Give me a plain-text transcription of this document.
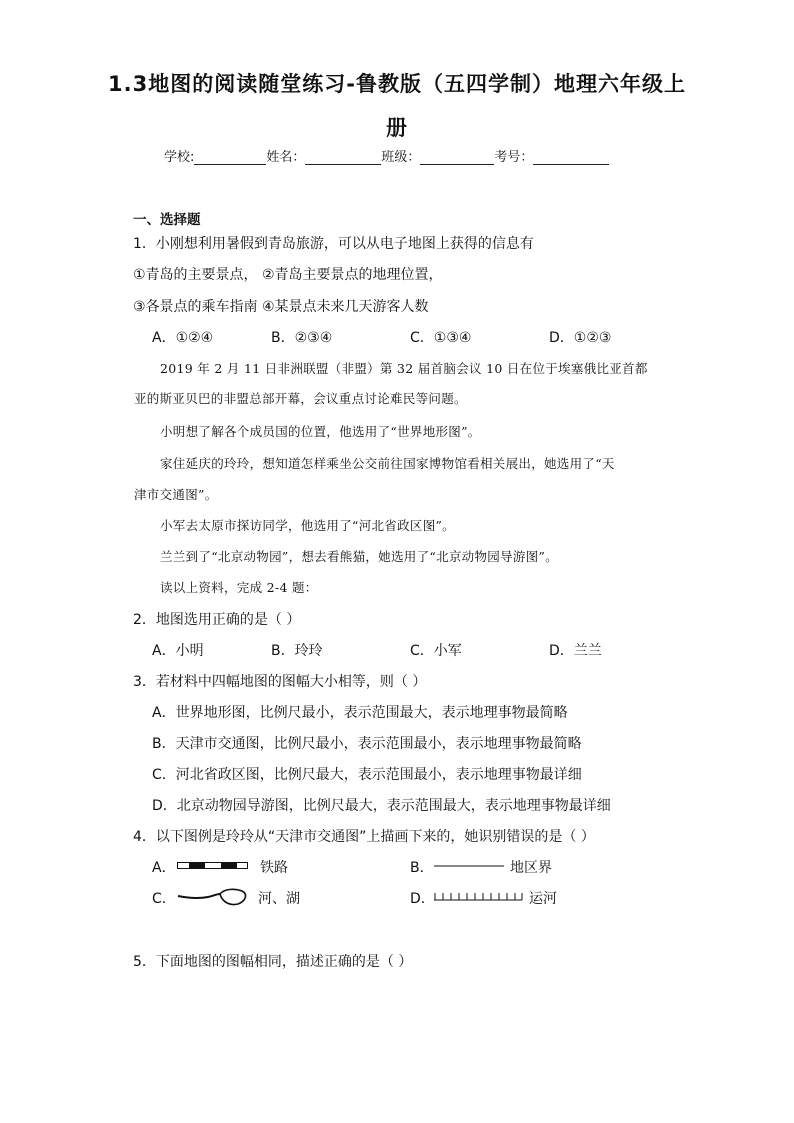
1.3地图的阅读随堂练习-鲁教版（五四学制）地理六年级上
册
学校:	姓名：	班级：	考号：
一、选择题
1．小刚想利用暑假到青岛旅游，可以从电子地图上获得的信息有
①青岛的主要景点， ②青岛主要景点的地理位置，
③各景点的乘车指南 ④某景点未来几天游客人数
A．①②④	B．②③④	C．①③④	D．①②③
2019 年 2 月 11 日非洲联盟（非盟）第 32 届首脑会议 10 日在位于埃塞俄比亚首都
亚的斯亚贝巴的非盟总部开幕，会议重点讨论难民等问题。
小明想了解各个成员国的位置，他选用了“世界地形图”。
家住延庆的玲玲，想知道怎样乘坐公交前往国家博物馆看相关展出，她选用了“天
津市交通图”。
小军去太原市探访同学，他选用了“河北省政区图”。
兰兰到了“北京动物园”，想去看熊猫，她选用了“北京动物园导游图”。
读以上资料，完成 2-4 题：
2．地图选用正确的是（ ）
A．小明	B．玲玲	C．小军	D．兰兰
3．若材料中四幅地图的图幅大小相等，则（ ）
A．世界地形图，比例尺最小，表示范围最大，表示地理事物最简略
B．天津市交通图，比例尺最小，表示范围最小，表示地理事物最简略
C．河北省政区图，比例尺最大，表示范围最小，表示地理事物最详细
D．北京动物园导游图，比例尺最大，表示范围最大，表示地理事物最详细
4．以下图例是玲玲从“天津市交通图”上描画下来的，她识别错误的是（ ）
A．	铁路	B．	地区界
C．	河、湖	D．	运河
5．下面地图的图幅相同，描述正确的是（ ）
